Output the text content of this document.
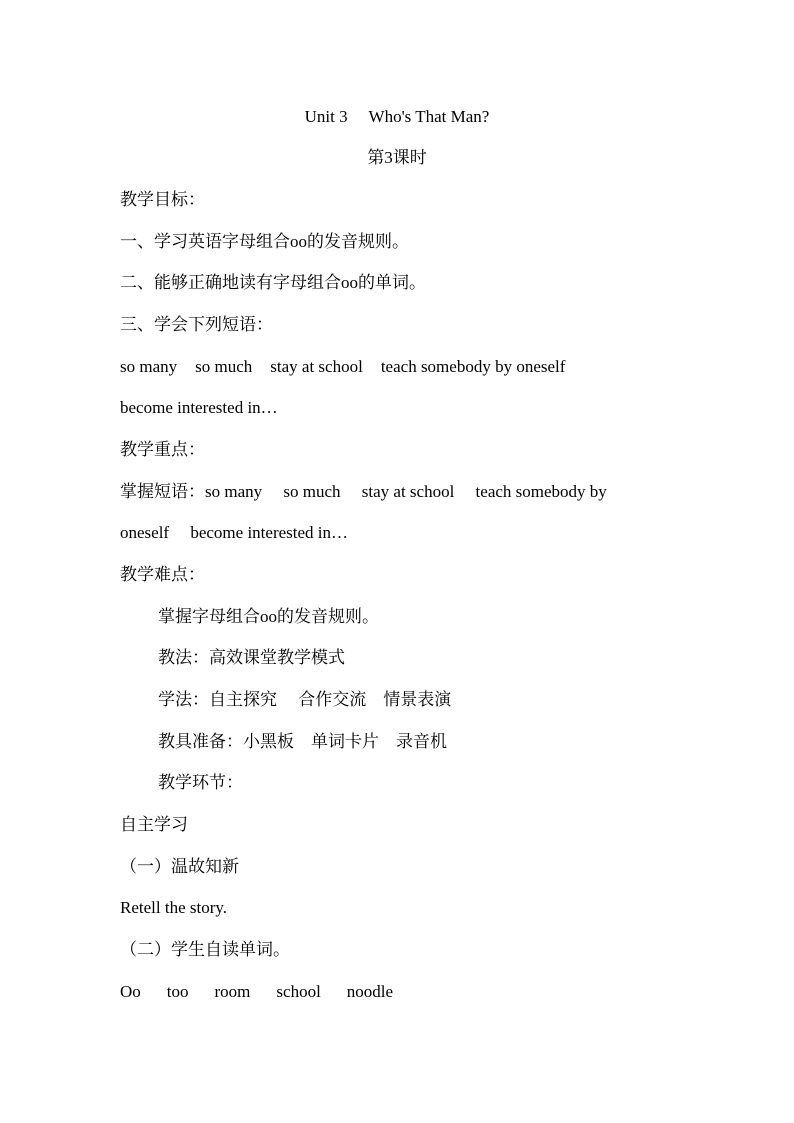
Unit 3　 Who's That Man?
第3课时
教学目标：
一、学习英语字母组合oo的发音规则。
二、能够正确地读有字母组合oo的单词。
三、学会下列短语：
so many so much stay at school teach somebody by oneself
become interested in…
教学重点：
掌握短语：so many　 so much　 stay at school　 teach somebody by
oneself　 become interested in…
教学难点：
掌握字母组合oo的发音规则。
教法：高效课堂教学模式
学法：自主探究　 合作交流　情景表演
教具准备：小黑板　单词卡片　录音机
教学环节：
自主学习
（一）温故知新
Retell the story.
（二）学生自读单词。
Oo too room school noodle
